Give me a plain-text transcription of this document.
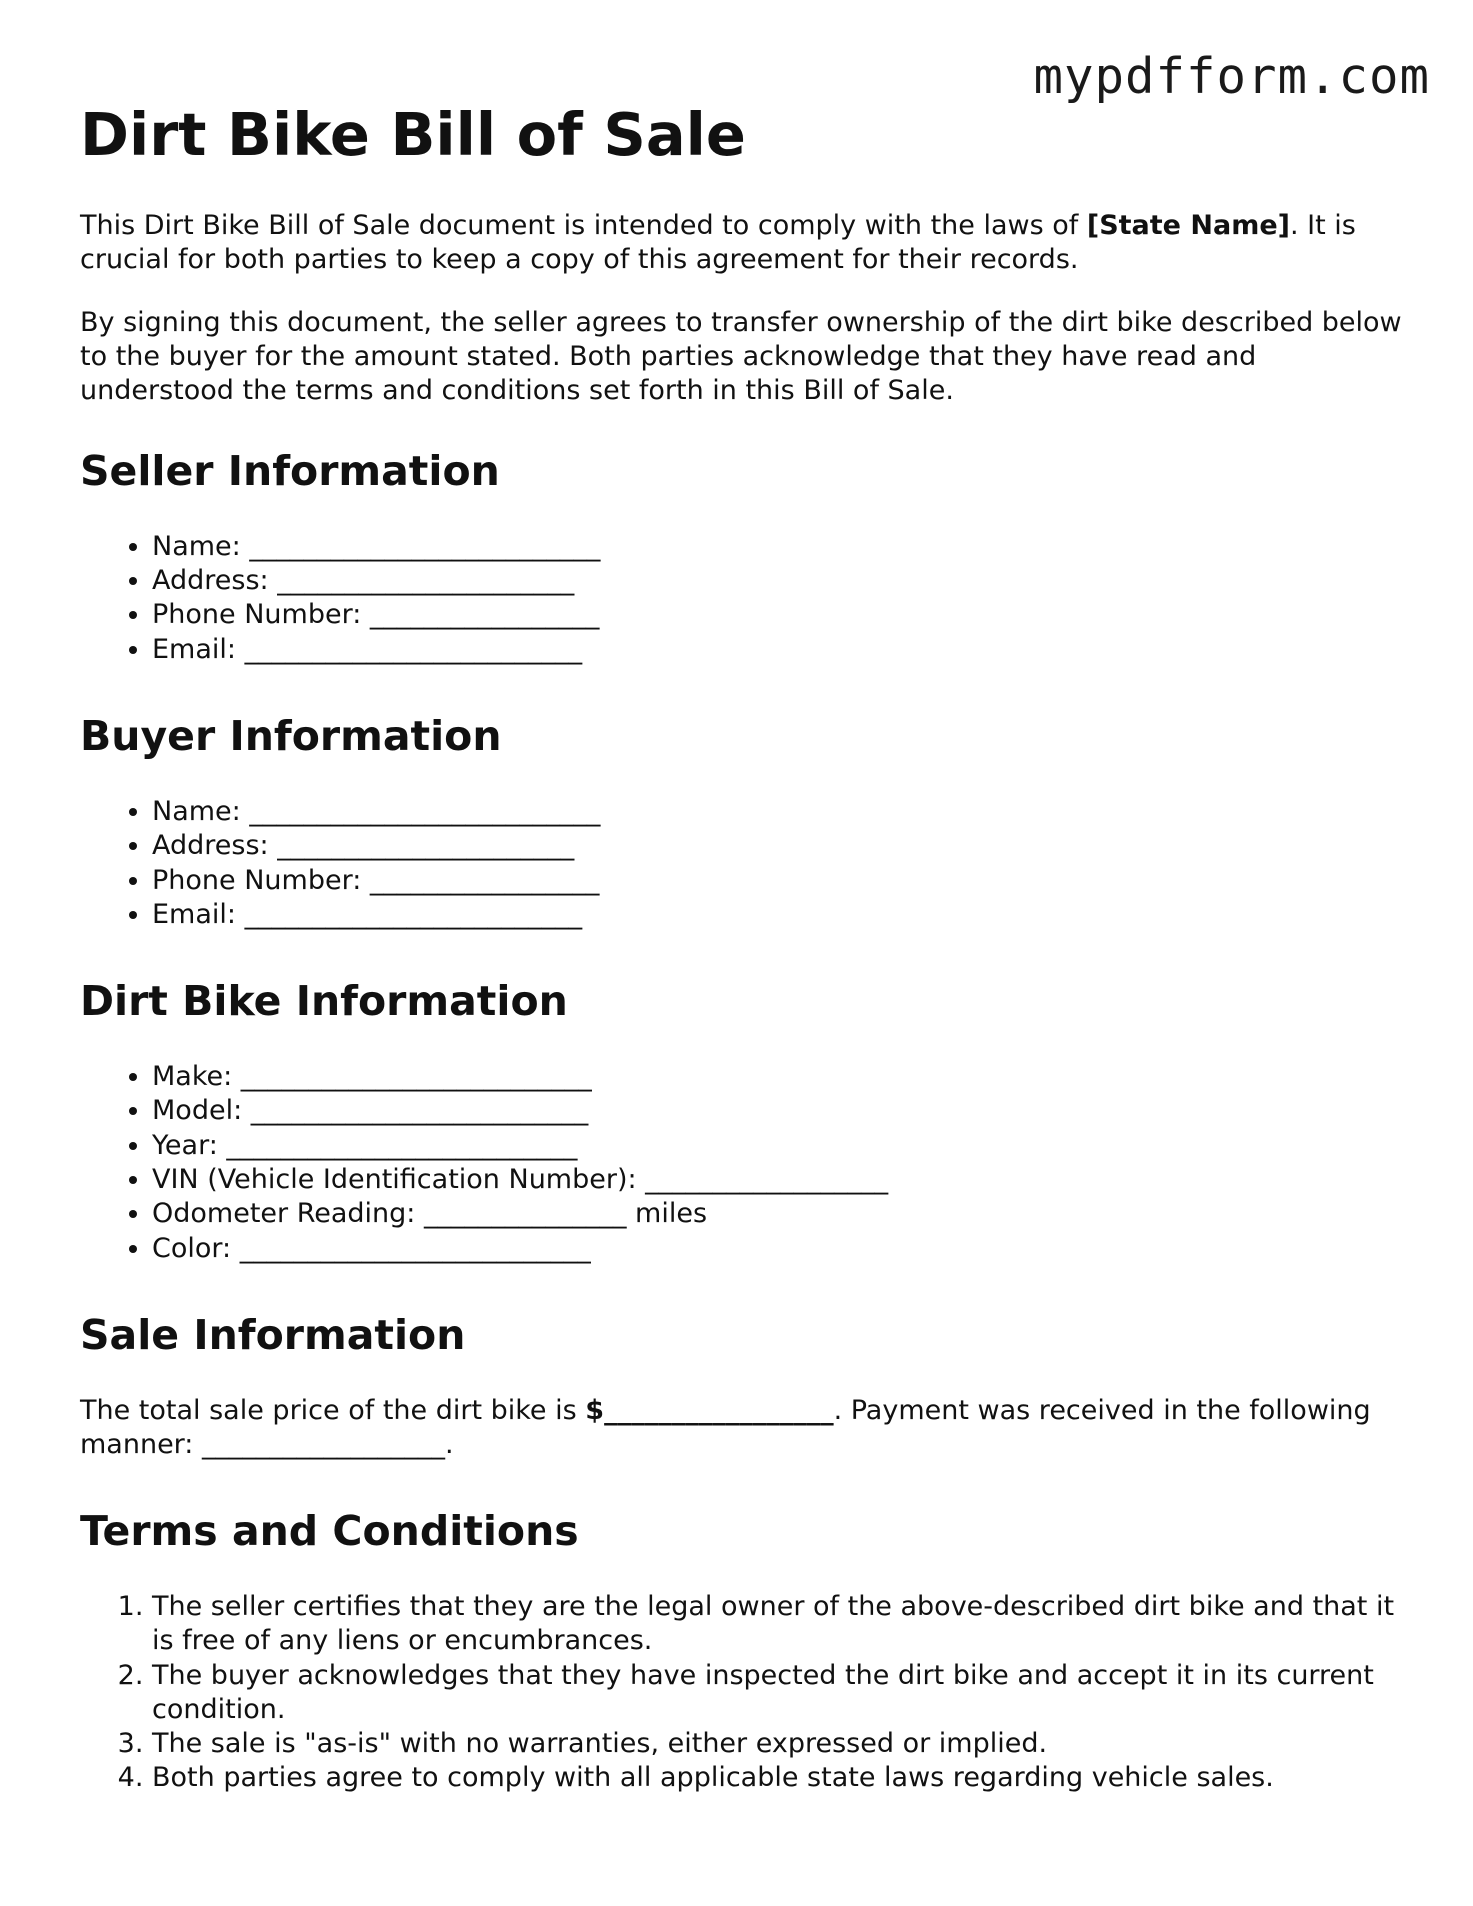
mypdfform.com
Dirt Bike Bill of Sale

This Dirt Bike Bill of Sale document is intended to comply with the laws of [State Name]. It is crucial for both parties to keep a copy of this agreement for their records.

By signing this document, the seller agrees to transfer ownership of the dirt bike described below to the buyer for the amount stated. Both parties acknowledge that they have read and understood the terms and conditions set forth in this Bill of Sale.

Seller Information
• Name: __________________________
• Address: ______________________
• Phone Number: _________________
• Email: _________________________
Buyer Information
• Name: __________________________
• Address: ______________________
• Phone Number: _________________
• Email: _________________________
Dirt Bike Information
• Make: __________________________
• Model: _________________________
• Year: __________________________
• VIN (Vehicle Identification Number): __________________
• Odometer Reading: _______________ miles
• Color: __________________________
Sale Information

The total sale price of the dirt bike is $_________________. Payment was received in the following manner: __________________.

Terms and Conditions
1. The seller certifies that they are the legal owner of the above-described dirt bike and that it is free of any liens or encumbrances.
2. The buyer acknowledges that they have inspected the dirt bike and accept it in its current condition.
3. The sale is "as-is" with no warranties, either expressed or implied.
4. Both parties agree to comply with all applicable state laws regarding vehicle sales.
